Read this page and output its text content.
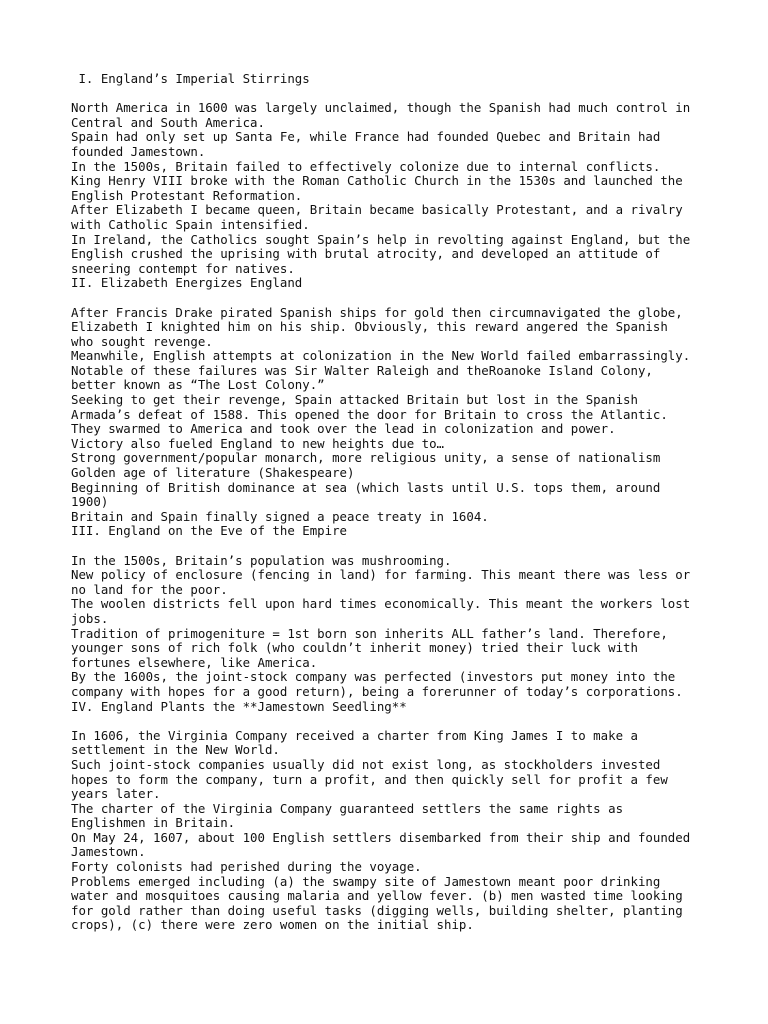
I. England’s Imperial Stirrings
North America in 1600 was largely unclaimed, though the Spanish had much control in
Central and South America.
Spain had only set up Santa Fe, while France had founded Quebec and Britain had
founded Jamestown.
In the 1500s, Britain failed to effectively colonize due to internal conflicts.
King Henry VIII broke with the Roman Catholic Church in the 1530s and launched the
English Protestant Reformation.
After Elizabeth I became queen, Britain became basically Protestant, and a rivalry
with Catholic Spain intensified.
In Ireland, the Catholics sought Spain’s help in revolting against England, but the
English crushed the uprising with brutal atrocity, and developed an attitude of
sneering contempt for natives.
II. Elizabeth Energizes England
After Francis Drake pirated Spanish ships for gold then circumnavigated the globe,
Elizabeth I knighted him on his ship. Obviously, this reward angered the Spanish
who sought revenge.
Meanwhile, English attempts at colonization in the New World failed embarrassingly.
Notable of these failures was Sir Walter Raleigh and theRoanoke Island Colony,
better known as “The Lost Colony.”
Seeking to get their revenge, Spain attacked Britain but lost in the Spanish
Armada’s defeat of 1588. This opened the door for Britain to cross the Atlantic.
They swarmed to America and took over the lead in colonization and power.
Victory also fueled England to new heights due to…
Strong government/popular monarch, more religious unity, a sense of nationalism
Golden age of literature (Shakespeare)
Beginning of British dominance at sea (which lasts until U.S. tops them, around
1900)
Britain and Spain finally signed a peace treaty in 1604.
III. England on the Eve of the Empire
In the 1500s, Britain’s population was mushrooming.
New policy of enclosure (fencing in land) for farming. This meant there was less or
no land for the poor.
The woolen districts fell upon hard times economically. This meant the workers lost
jobs.
Tradition of primogeniture = 1st born son inherits ALL father’s land. Therefore,
younger sons of rich folk (who couldn’t inherit money) tried their luck with
fortunes elsewhere, like America.
By the 1600s, the joint-stock company was perfected (investors put money into the
company with hopes for a good return), being a forerunner of today’s corporations.
IV. England Plants the **Jamestown Seedling**
In 1606, the Virginia Company received a charter from King James I to make a
settlement in the New World.
Such joint-stock companies usually did not exist long, as stockholders invested
hopes to form the company, turn a profit, and then quickly sell for profit a few
years later.
The charter of the Virginia Company guaranteed settlers the same rights as
Englishmen in Britain.
On May 24, 1607, about 100 English settlers disembarked from their ship and founded
Jamestown.
Forty colonists had perished during the voyage.
Problems emerged including (a) the swampy site of Jamestown meant poor drinking
water and mosquitoes causing malaria and yellow fever. (b) men wasted time looking
for gold rather than doing useful tasks (digging wells, building shelter, planting
crops), (c) there were zero women on the initial ship.
